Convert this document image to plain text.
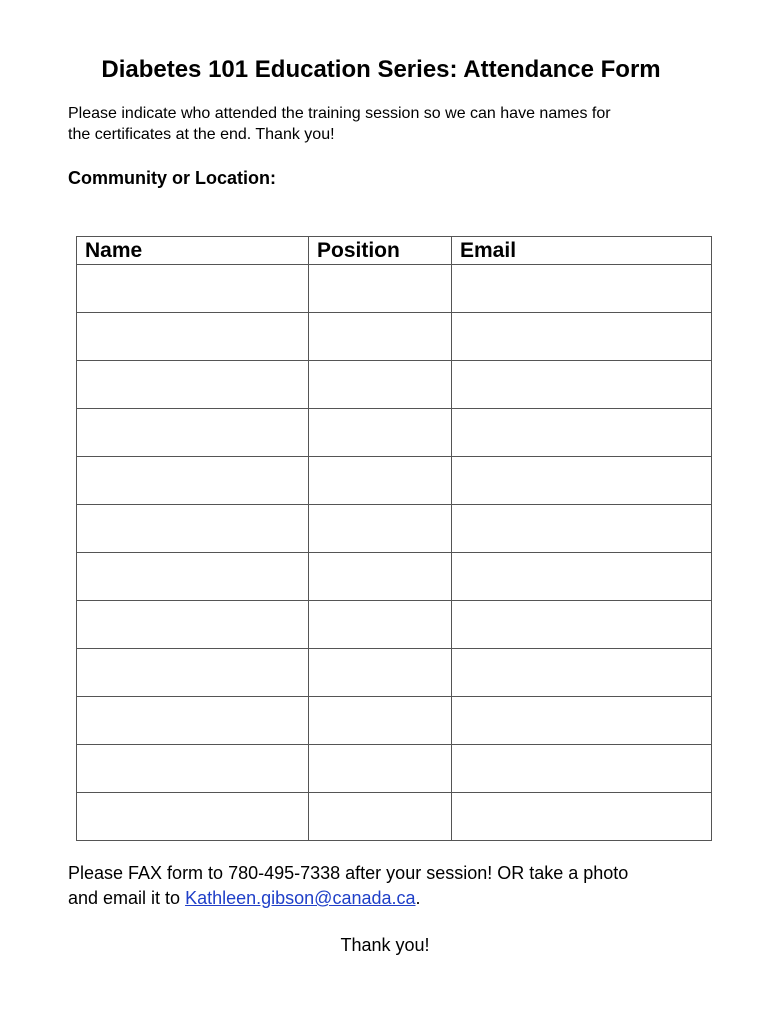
Diabetes 101 Education Series: Attendance Form

Please indicate who attended the training session so we can have names for
the certificates at the end. Thank you!

Community or Location:

Name	Position	Email

Please FAX form to 780-495-7338 after your session! OR take a photo
and email it to Kathleen.gibson@canada.ca.

Thank you!
